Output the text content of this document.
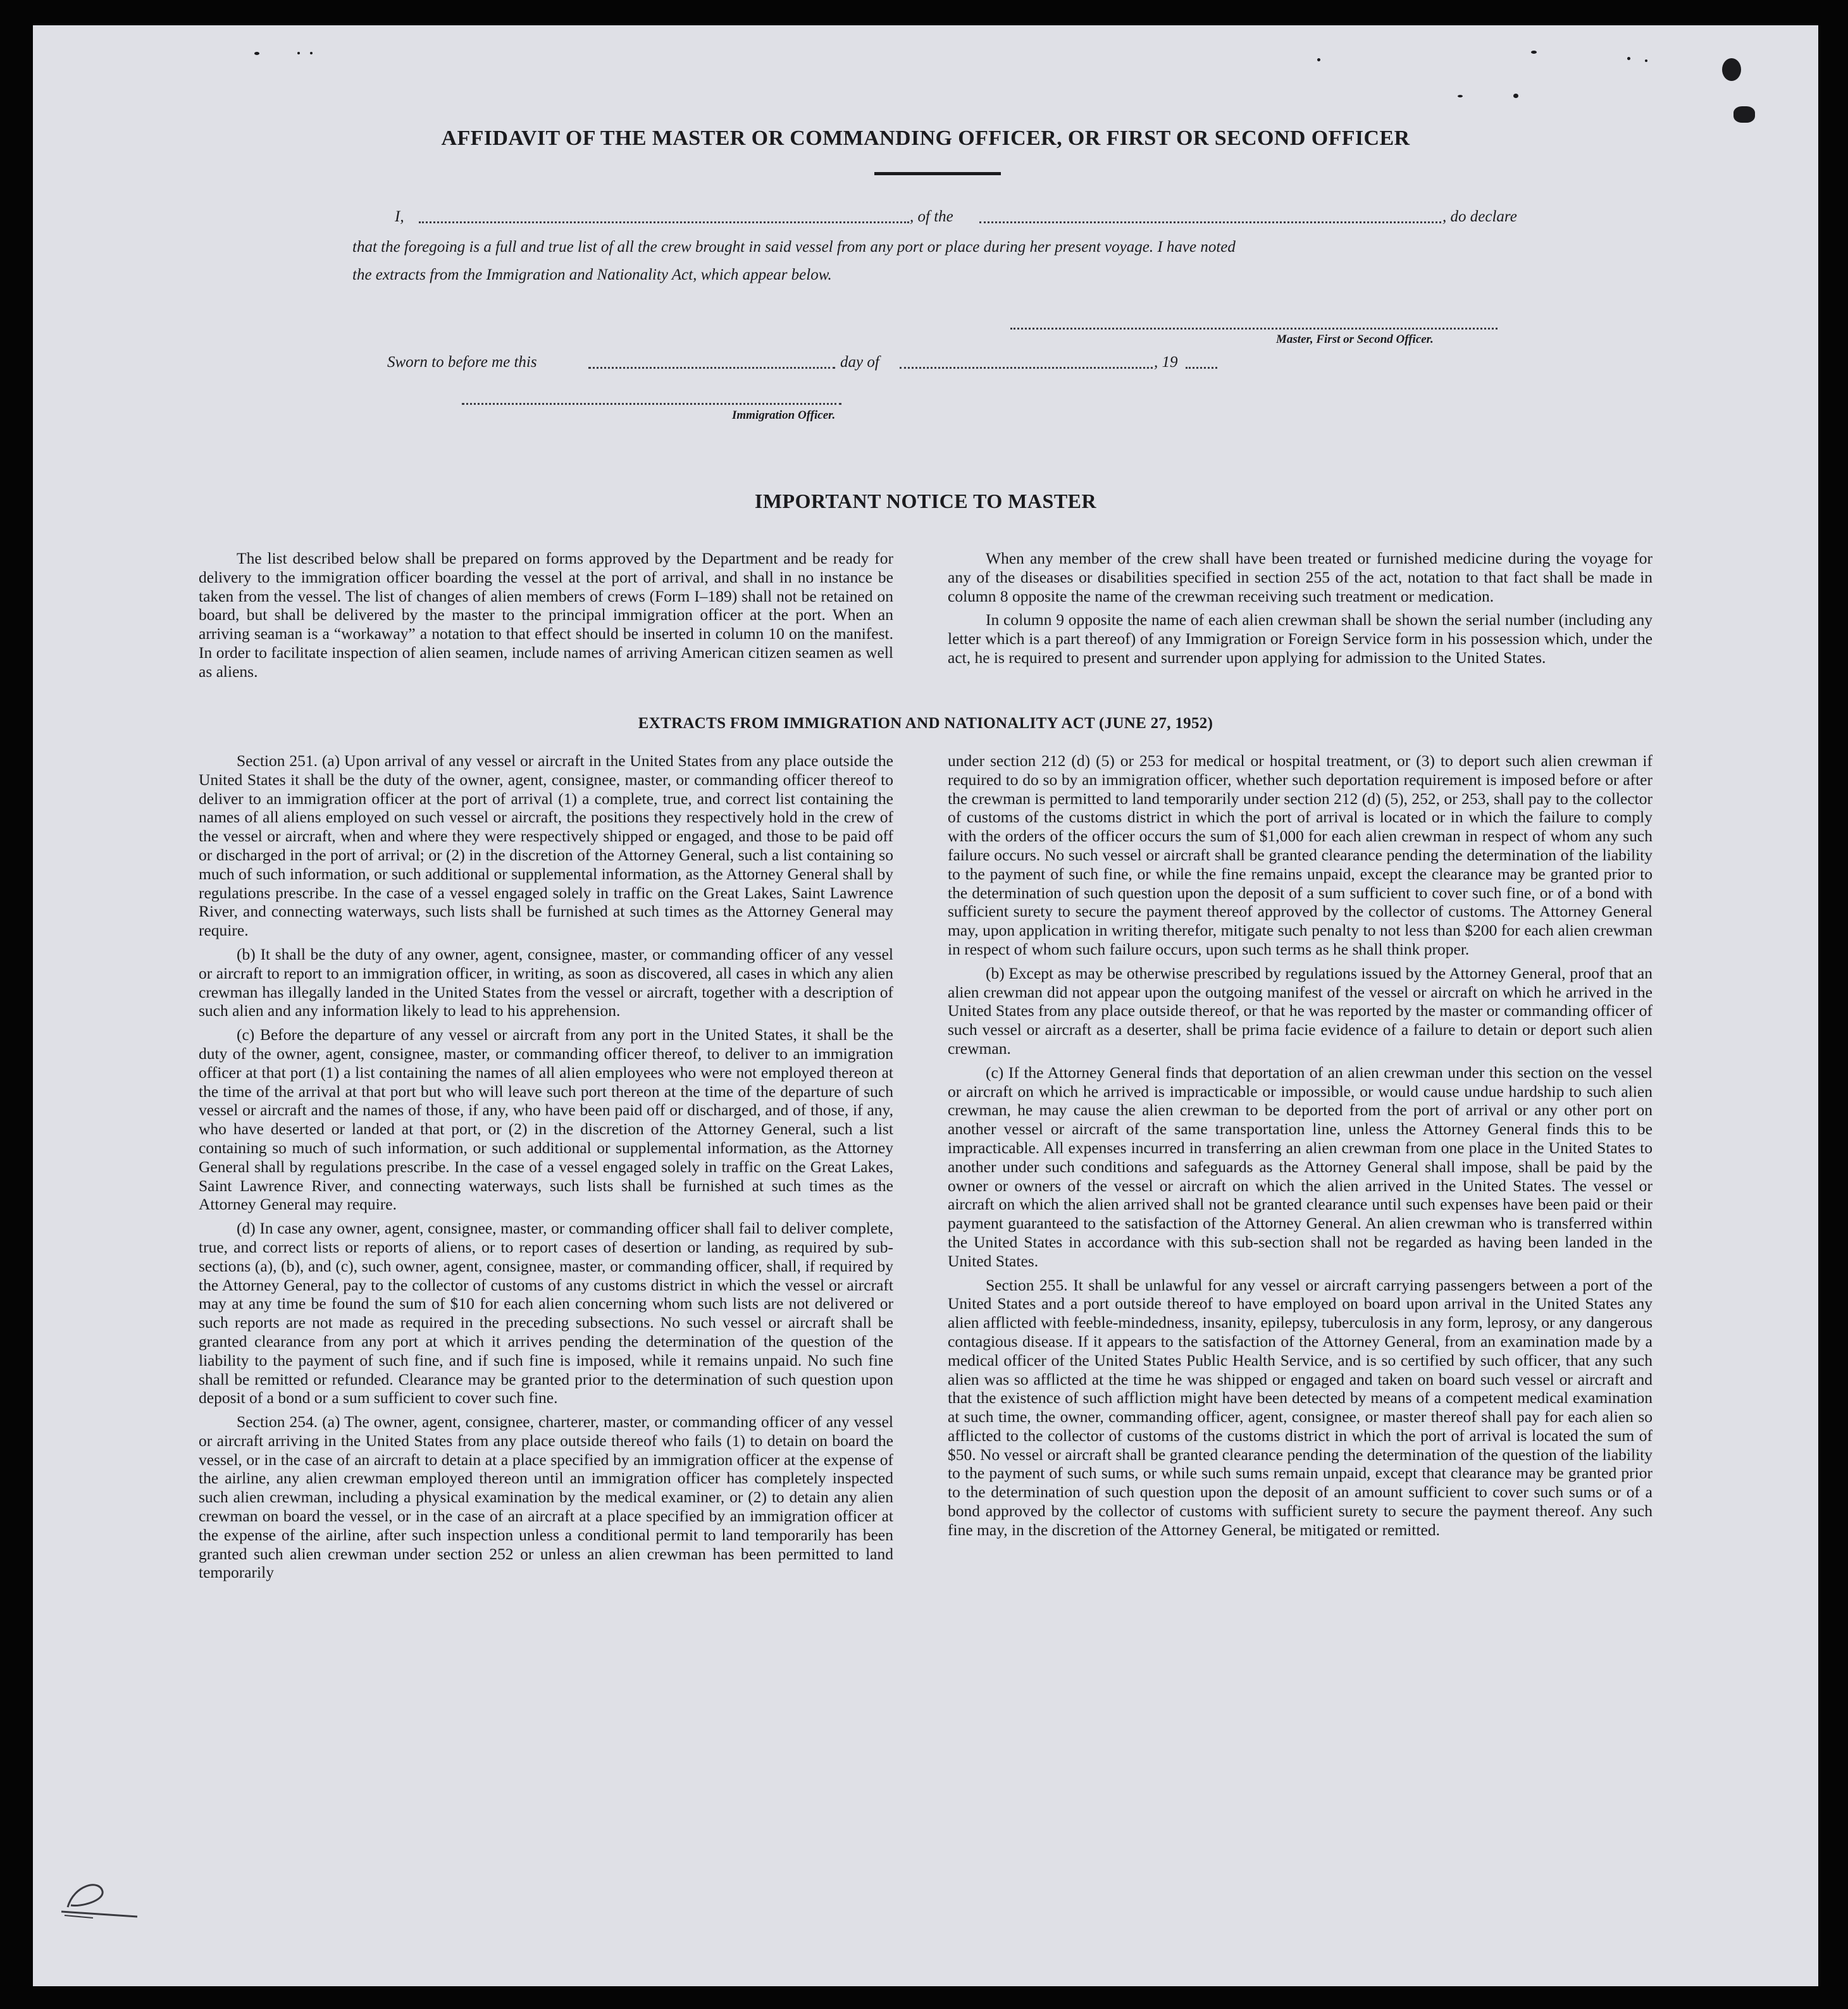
AFFIDAVIT OF THE MASTER OR COMMANDING OFFICER, OR FIRST OR SECOND OFFICER
I,	, of the	, do declare
that the foregoing is a full and true list of all the crew brought in said vessel from any port or place during her present voyage. I have noted
the extracts from the Immigration and Nationality Act, which appear below.
Master, First or Second Officer.
Sworn to before me this	day of	, 19
Immigration Officer.
IMPORTANT NOTICE TO MASTER

The list described below shall be prepared on forms approved by the Department and be ready for delivery to the immigration officer boarding the vessel at the port of arrival, and shall in no instance be taken from the vessel. The list of changes of alien members of crews (Form I–189) shall not be retained on board, but shall be delivered by the master to the principal immigration officer at the port. When an arriving seaman is a “workaway” a notation to that effect should be inserted in column 10 on the manifest. In order to facilitate inspection of alien seamen, include names of arriving American citizen seamen as well as aliens.

When any member of the crew shall have been treated or furnished medicine during the voyage for any of the diseases or disabilities specified in section 255 of the act, notation to that fact shall be made in column 8 opposite the name of the crewman receiving such treatment or medication.

In column 9 opposite the name of each alien crewman shall be shown the serial number (including any letter which is a part thereof) of any Immigration or Foreign Service form in his possession which, under the act, he is required to present and surrender upon applying for admission to the United States.

EXTRACTS FROM IMMIGRATION AND NATIONALITY ACT (JUNE 27, 1952)

Section 251. (a) Upon arrival of any vessel or aircraft in the United States from any place outside the United States it shall be the duty of the owner, agent, consignee, master, or commanding officer thereof to deliver to an immigration officer at the port of arrival (1) a complete, true, and correct list containing the names of all aliens employed on such vessel or aircraft, the positions they respectively hold in the crew of the vessel or aircraft, when and where they were respectively shipped or engaged, and those to be paid off or discharged in the port of arrival; or (2) in the discretion of the Attorney General, such a list containing so much of such information, or such additional or supplemental information, as the Attorney General shall by regulations prescribe. In the case of a vessel engaged solely in traffic on the Great Lakes, Saint Lawrence River, and connecting waterways, such lists shall be furnished at such times as the Attorney General may require.

(b) It shall be the duty of any owner, agent, consignee, master, or commanding officer of any vessel or aircraft to report to an immigration officer, in writing, as soon as discovered, all cases in which any alien crewman has illegally landed in the United States from the vessel or aircraft, together with a description of such alien and any information likely to lead to his apprehension.

(c) Before the departure of any vessel or aircraft from any port in the United States, it shall be the duty of the owner, agent, consignee, master, or commanding officer thereof, to deliver to an immigration officer at that port (1) a list containing the names of all alien employees who were not employed thereon at the time of the arrival at that port but who will leave such port thereon at the time of the departure of such vessel or aircraft and the names of those, if any, who have been paid off or discharged, and of those, if any, who have deserted or landed at that port, or (2) in the discretion of the Attorney General, such a list containing so much of such information, or such additional or supplemental information, as the Attorney General shall by regulations prescribe. In the case of a vessel engaged solely in traffic on the Great Lakes, Saint Lawrence River, and connecting waterways, such lists shall be furnished at such times as the Attorney General may require.

(d) In case any owner, agent, consignee, master, or commanding officer shall fail to deliver complete, true, and correct lists or reports of aliens, or to report cases of desertion or landing, as required by sub-sections (a), (b), and (c), such owner, agent, consignee, master, or commanding officer, shall, if required by the Attorney General, pay to the collector of customs of any customs district in which the vessel or aircraft may at any time be found the sum of $10 for each alien concerning whom such lists are not delivered or such reports are not made as required in the preceding subsections. No such vessel or aircraft shall be granted clearance from any port at which it arrives pending the determination of the question of the liability to the payment of such fine, and if such fine is imposed, while it remains unpaid. No such fine shall be remitted or refunded. Clearance may be granted prior to the determination of such question upon deposit of a bond or a sum sufficient to cover such fine.

Section 254. (a) The owner, agent, consignee, charterer, master, or commanding officer of any vessel or aircraft arriving in the United States from any place outside thereof who fails (1) to detain on board the vessel, or in the case of an aircraft to detain at a place specified by an immigration officer at the expense of the airline, any alien crewman employed thereon until an immigration officer has completely inspected such alien crewman, including a physical examination by the medical examiner, or (2) to detain any alien crewman on board the vessel, or in the case of an aircraft at a place specified by an immigration officer at the expense of the airline, after such inspection unless a conditional permit to land temporarily has been granted such alien crewman under section 252 or unless an alien crewman has been permitted to land temporarily

under section 212 (d) (5) or 253 for medical or hospital treatment, or (3) to deport such alien crewman if required to do so by an immigration officer, whether such deportation requirement is imposed before or after the crewman is permitted to land temporarily under section 212 (d) (5), 252, or 253, shall pay to the collector of customs of the customs district in which the port of arrival is located or in which the failure to comply with the orders of the officer occurs the sum of $1,000 for each alien crewman in respect of whom any such failure occurs. No such vessel or aircraft shall be granted clearance pending the determination of the liability to the payment of such fine, or while the fine remains unpaid, except the clearance may be granted prior to the determination of such question upon the deposit of a sum sufficient to cover such fine, or of a bond with sufficient surety to secure the payment thereof approved by the collector of customs. The Attorney General may, upon application in writing therefor, mitigate such penalty to not less than $200 for each alien crewman in respect of whom such failure occurs, upon such terms as he shall think proper.

(b) Except as may be otherwise prescribed by regulations issued by the Attorney General, proof that an alien crewman did not appear upon the outgoing manifest of the vessel or aircraft on which he arrived in the United States from any place outside thereof, or that he was reported by the master or commanding officer of such vessel or aircraft as a deserter, shall be prima facie evidence of a failure to detain or deport such alien crewman.

(c) If the Attorney General finds that deportation of an alien crewman under this section on the vessel or aircraft on which he arrived is impracticable or impossible, or would cause undue hardship to such alien crewman, he may cause the alien crewman to be deported from the port of arrival or any other port on another vessel or aircraft of the same transportation line, unless the Attorney General finds this to be impracticable. All expenses incurred in transferring an alien crewman from one place in the United States to another under such conditions and safeguards as the Attorney General shall impose, shall be paid by the owner or owners of the vessel or aircraft on which the alien arrived in the United States. The vessel or aircraft on which the alien arrived shall not be granted clearance until such expenses have been paid or their payment guaranteed to the satisfaction of the Attorney General. An alien crewman who is transferred within the United States in accordance with this sub-section shall not be regarded as having been landed in the United States.

Section 255. It shall be unlawful for any vessel or aircraft carrying passengers between a port of the United States and a port outside thereof to have employed on board upon arrival in the United States any alien afflicted with feeble-mindedness, insanity, epilepsy, tuberculosis in any form, leprosy, or any dangerous contagious disease. If it appears to the satisfaction of the Attorney General, from an examination made by a medical officer of the United States Public Health Service, and is so certified by such officer, that any such alien was so afflicted at the time he was shipped or engaged and taken on board such vessel or aircraft and that the existence of such affliction might have been detected by means of a competent medical examination at such time, the owner, commanding officer, agent, consignee, or master thereof shall pay for each alien so afflicted to the collector of customs of the customs district in which the port of arrival is located the sum of $50. No vessel or aircraft shall be granted clearance pending the determination of the question of the liability to the payment of such sums, or while such sums remain unpaid, except that clearance may be granted prior to the determination of such question upon the deposit of an amount sufficient to cover such sums or of a bond approved by the collector of customs with sufficient surety to secure the payment thereof. Any such fine may, in the discretion of the Attorney General, be mitigated or remitted.
